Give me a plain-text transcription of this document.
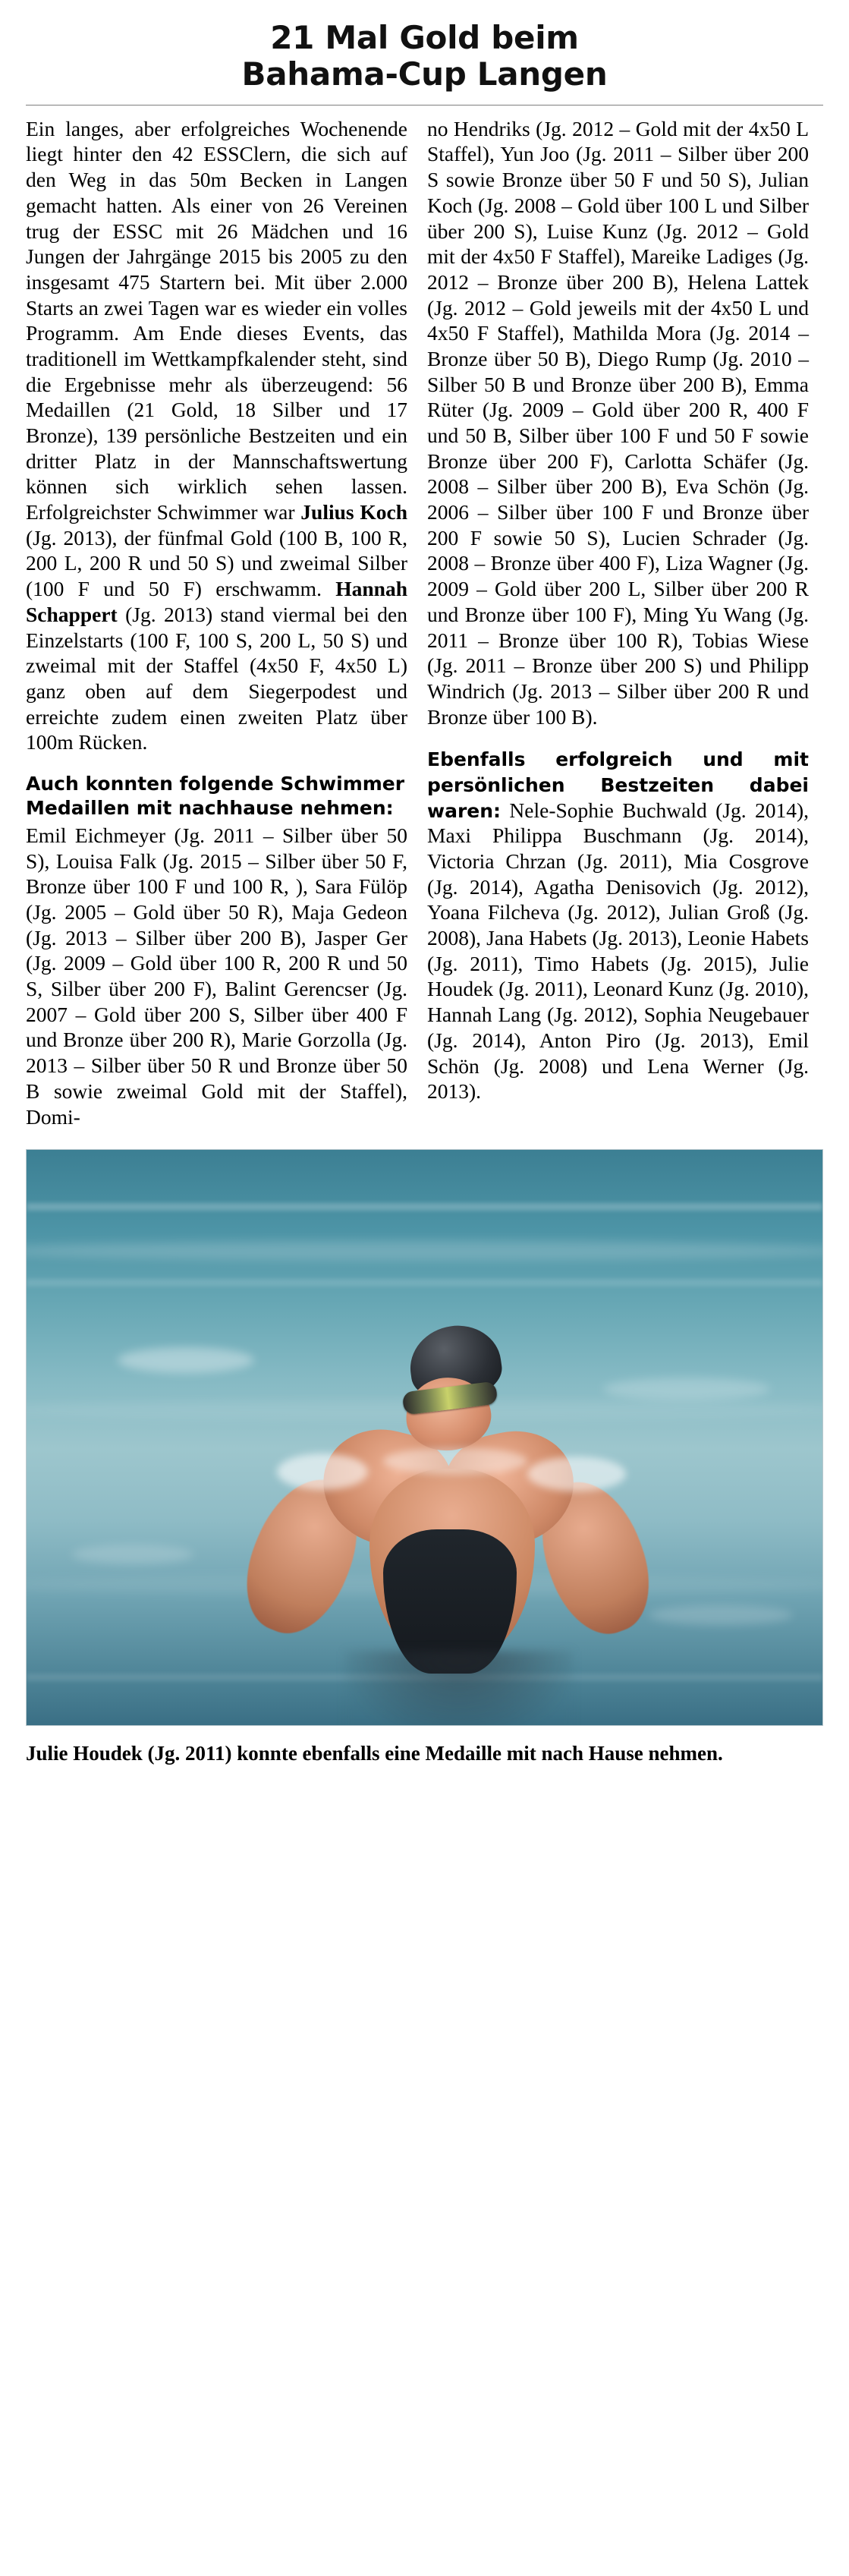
21 Mal Gold beim
Bahama-Cup Langen

Ein langes, aber erfolgreiches Wochenende liegt hinter den 42 ESSClern, die sich auf den Weg in das 50m Becken in Langen gemacht hatten. Als einer von 26 Vereinen trug der ESSC mit 26 Mädchen und 16 Jungen der Jahrgänge 2015 bis 2005 zu den insgesamt 475 Startern bei. Mit über 2.000 Starts an zwei Tagen war es wieder ein volles Programm. Am Ende dieses Events, das traditionell im Wettkampfkalender steht, sind die Ergebnisse mehr als überzeugend: 56 Medaillen (21 Gold, 18 Silber und 17 Bronze), 139 persönliche Bestzeiten und ein dritter Platz in der Mannschaftswertung können sich wirklich sehen lassen. Erfolgreichster Schwimmer war Julius Koch (Jg. 2013), der fünfmal Gold (100 B, 100 R, 200 L, 200 R und 50 S) und zweimal Silber (100 F und 50 F) erschwamm. Hannah Schappert (Jg. 2013) stand viermal bei den Einzelstarts (100 F, 100 S, 200 L, 50 S) und zweimal mit der Staffel (4x50 F, 4x50 L) ganz oben auf dem Siegerpodest und erreichte zudem einen zweiten Platz über 100m Rücken.

Auch konnten folgende Schwimmer Medaillen mit nachhause nehmen:

Emil Eichmeyer (Jg. 2011 – Silber über 50 S), Louisa Falk (Jg. 2015 – Silber über 50 F, Bronze über 100 F und 100 R, ), Sara Fülöp (Jg. 2005 – Gold über 50 R), Maja Gedeon (Jg. 2013 – Silber über 200 B), Jasper Ger (Jg. 2009 – Gold über 100 R, 200 R und 50 S, Silber über 200 F), Balint Gerencser (Jg. 2007 – Gold über 200 S, Silber über 400 F und Bronze über 200 R), Marie Gorzolla (Jg. 2013 – Silber über 50 R und Bronze über 50 B sowie zweimal Gold mit der Staffel), Domi-

no Hendriks (Jg. 2012 – Gold mit der 4x50 L Staffel), Yun Joo (Jg. 2011 – Silber über 200 S sowie Bronze über 50 F und 50 S), Julian Koch (Jg. 2008 – Gold über 100 L und Silber über 200 S), Luise Kunz (Jg. 2012 – Gold mit der 4x50 F Staffel), Mareike Ladiges (Jg. 2012 – Bronze über 200 B), Helena Lattek (Jg. 2012 – Gold jeweils mit der 4x50 L und 4x50 F Staffel), Mathilda Mora (Jg. 2014 – Bronze über 50 B), Diego Rump (Jg. 2010 – Silber 50 B und Bronze über 200 B), Emma Rüter (Jg. 2009 – Gold über 200 R, 400 F und 50 B, Silber über 100 F und 50 F sowie Bronze über 200 F), Carlotta Schäfer (Jg. 2008 – Silber über 200 B), Eva Schön (Jg. 2006 – Silber über 100 F und Bronze über 200 F sowie 50 S), Lucien Schrader (Jg. 2008 – Bronze über 400 F), Liza Wagner (Jg. 2009 – Gold über 200 L, Silber über 200 R und Bronze über 100 F), Ming Yu Wang (Jg. 2011 – Bronze über 100 R), Tobias Wiese (Jg. 2011 – Bronze über 200 S) und Philipp Windrich (Jg. 2013 – Silber über 200 R und Bronze über 100 B).

Ebenfalls erfolgreich und mit persönlichen Bestzeiten dabei waren: Nele-Sophie Buchwald (Jg. 2014), Maxi Philippa Buschmann (Jg. 2014), Victoria Chrzan (Jg. 2011), Mia Cosgrove (Jg. 2014), Agatha Denisovich (Jg. 2012), Yoana Filcheva (Jg. 2012), Julian Groß (Jg. 2008), Jana Habets (Jg. 2013), Leonie Habets (Jg. 2011), Timo Habets (Jg. 2015), Julie Houdek (Jg. 2011), Leonard Kunz (Jg. 2010), Hannah Lang (Jg. 2012), Sophia Neugebauer (Jg. 2014), Anton Piro (Jg. 2013), Emil Schön (Jg. 2008) und Lena Werner (Jg. 2013).

Julie Houdek (Jg. 2011) konnte ebenfalls eine Medaille mit nach Hause nehmen.
